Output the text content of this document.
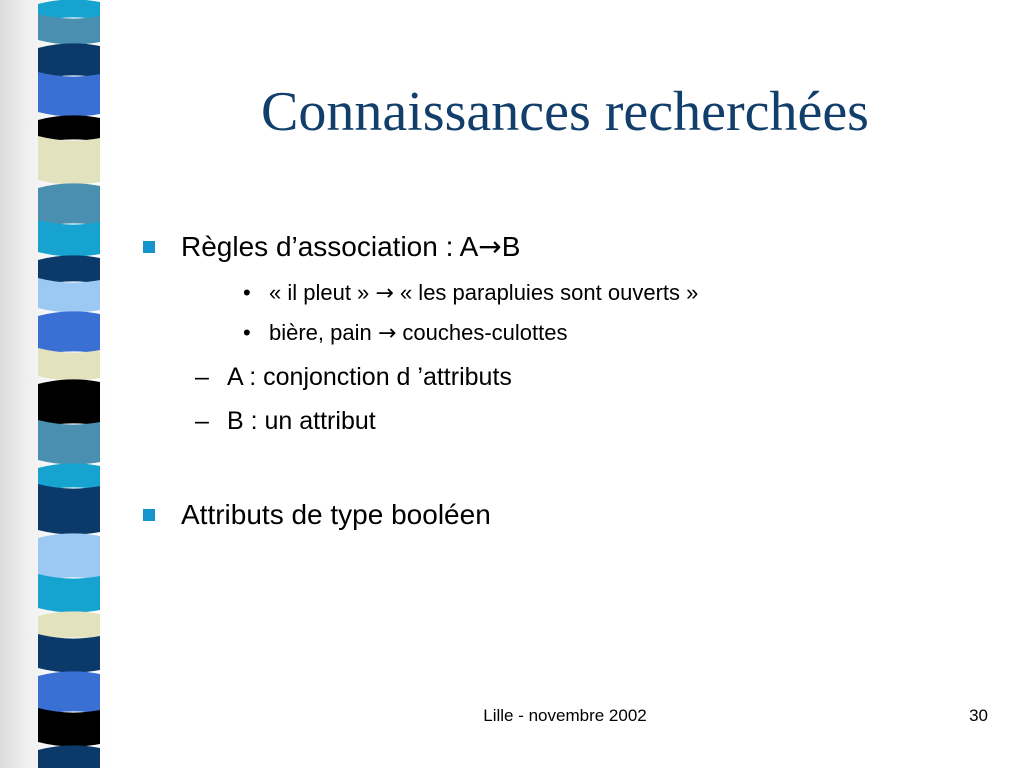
Connaissances recherchées
Règles d’association : A→B
• « il pleut » → « les parapluies sont ouverts »
• bière, pain → couches-culottes
– A : conjonction d ’attributs
– B : un attribut
Attributs de type booléen
Lille - novembre 2002	30
